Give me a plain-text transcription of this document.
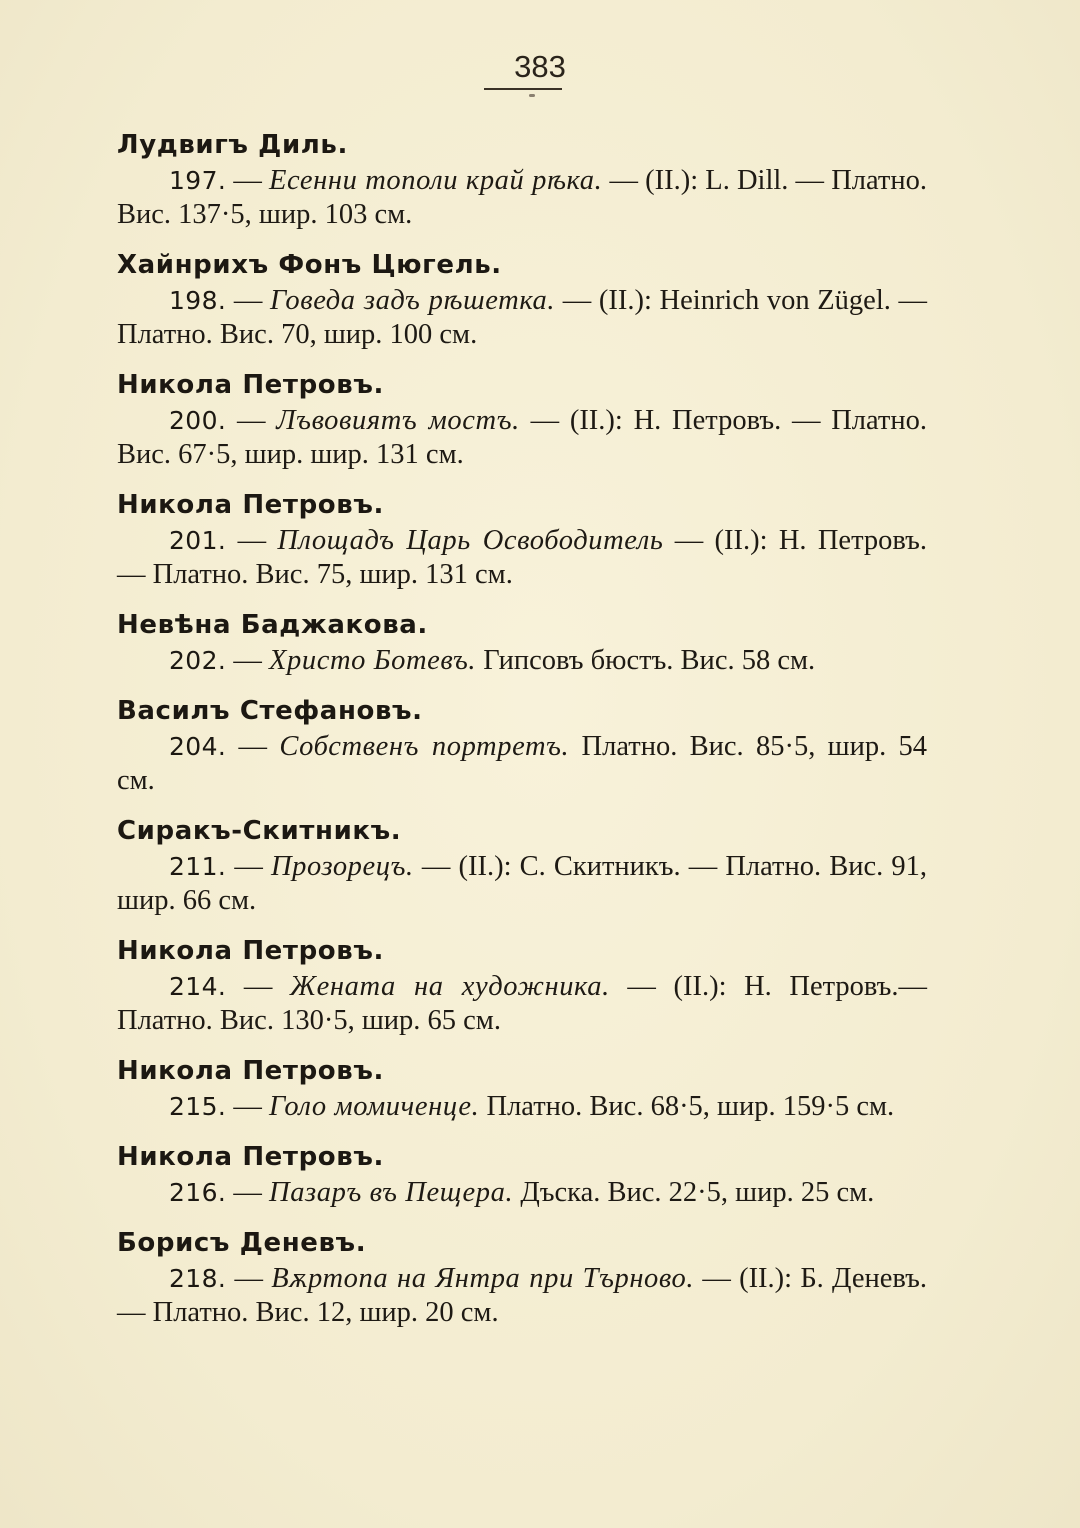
383
Лудвигъ Диль.
197. — Есенни тополи край рѣка. — (II.): L. Dill. — Платно. Вис. 137·5, шир. 103 см.
Хайнрихъ Фонъ Цюгель.
198. — Говеда задъ рѣшетка. — (II.): Heinrich von Zügel. — Платно. Вис. 70, шир. 100 см.
Никола Петровъ.
200. — Лъвовиятъ мостъ. — (II.): Н. Петровъ. — Платно. Вис. 67·5, шир. шир. 131 см.
Никола Петровъ.
201. — Площадъ Царь Освободитель — (II.): Н. Петровъ. — Платно. Вис. 75, шир. 131 см.
Невѣна Баджакова.
202. — Христо Ботевъ. Гипсовъ бюстъ. Вис. 58 см.
Василъ Стефановъ.
204. — Собственъ портретъ. Платно. Вис. 85·5, шир. 54 см.
Сиракъ-Скитникъ.
211. — Прозорецъ. — (II.): С. Скитникъ. — Платно. Вис. 91, шир. 66 см.
Никола Петровъ.
214. — Жената на художника. — (II.): Н. Петровъ.— Платно. Вис. 130·5, шир. 65 см.
Никола Петровъ.
215. — Голо момиченце. Платно. Вис. 68·5, шир. 159·5 см.
Никола Петровъ.
216. — Пазаръ въ Пещера. Дъска. Вис. 22·5, шир. 25 см.
Борисъ Деневъ.
218. — Вѫртопа на Янтра при Търново. — (II.): Б. Деневъ. — Платно. Вис. 12, шир. 20 см.
